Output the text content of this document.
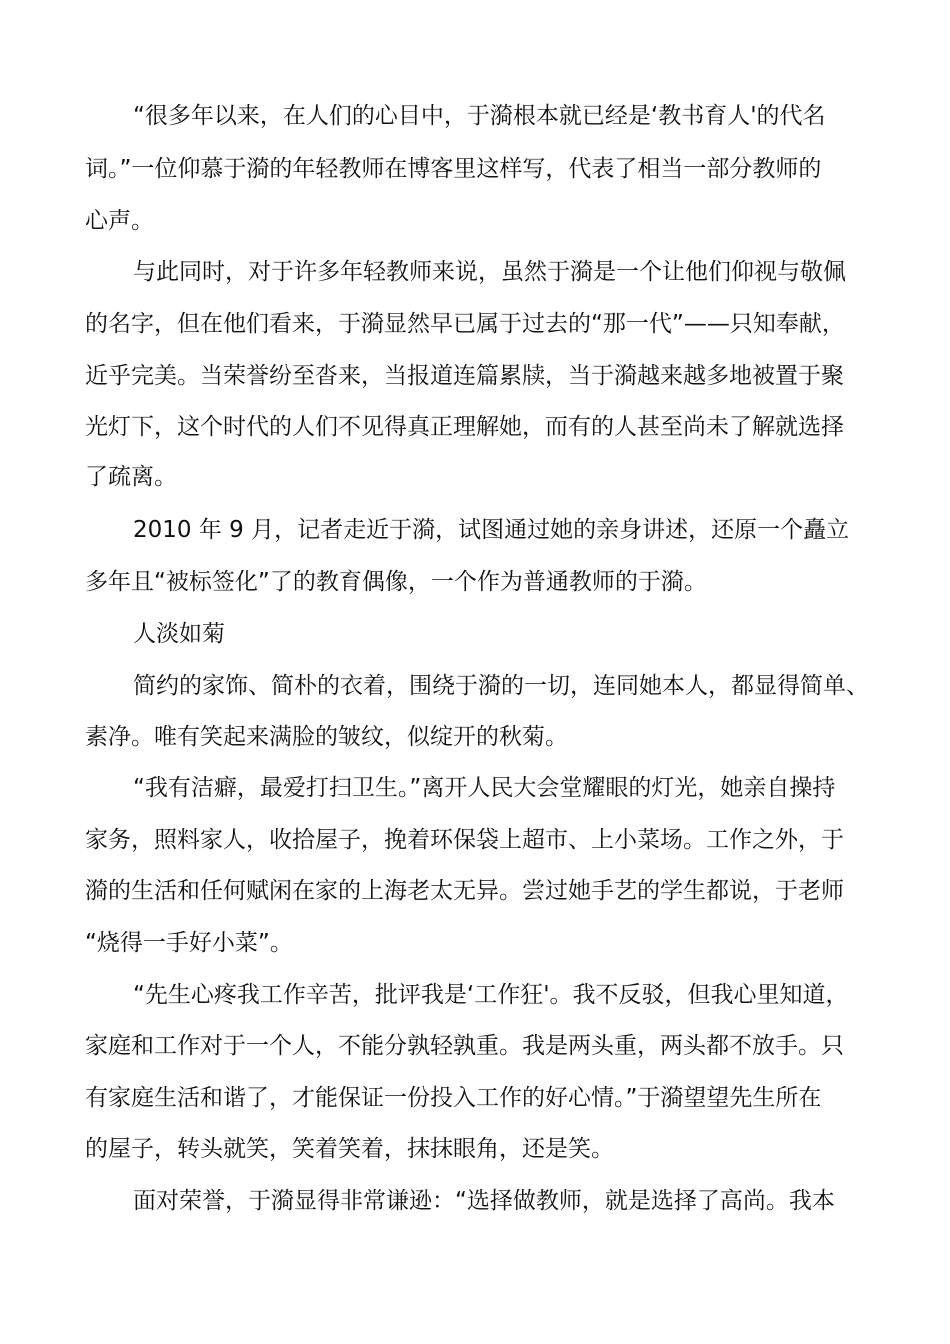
“很多年以来，在人们的心目中，于漪根本就已经是‘教书育人'的代名
词。”一位仰慕于漪的年轻教师在博客里这样写，代表了相当一部分教师的
心声。
与此同时，对于许多年轻教师来说，虽然于漪是一个让他们仰视与敬佩
的名字，但在他们看来，于漪显然早已属于过去的“那一代”——只知奉献，
近乎完美。当荣誉纷至沓来，当报道连篇累牍，当于漪越来越多地被置于聚
光灯下，这个时代的人们不见得真正理解她，而有的人甚至尚未了解就选择
了疏离。
2010 年 9 月，记者走近于漪，试图通过她的亲身讲述，还原一个矗立
多年且“被标签化”了的教育偶像，一个作为普通教师的于漪。
人淡如菊
简约的家饰、简朴的衣着，围绕于漪的一切，连同她本人，都显得简单、
素净。唯有笑起来满脸的皱纹，似绽开的秋菊。
“我有洁癖，最爱打扫卫生。”离开人民大会堂耀眼的灯光，她亲自操持
家务，照料家人，收拾屋子，挽着环保袋上超市、上小菜场。工作之外，于
漪的生活和任何赋闲在家的上海老太无异。尝过她手艺的学生都说，于老师
“烧得一手好小菜”。
“先生心疼我工作辛苦，批评我是‘工作狂'。我不反驳，但我心里知道，
家庭和工作对于一个人，不能分孰轻孰重。我是两头重，两头都不放手。只
有家庭生活和谐了，才能保证一份投入工作的好心情。”于漪望望先生所在
的屋子，转头就笑，笑着笑着，抹抹眼角，还是笑。
面对荣誉，于漪显得非常谦逊：“选择做教师，就是选择了高尚。我本
